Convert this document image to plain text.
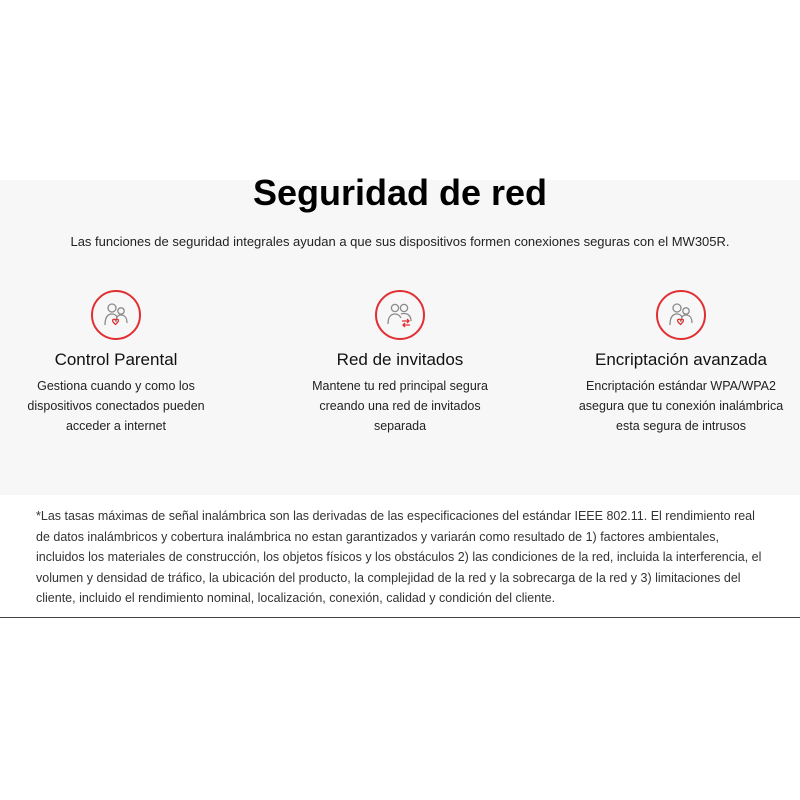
Seguridad de red
Las funciones de seguridad integrales ayudan a que sus dispositivos formen conexiones seguras con el MW305R.
Control Parental
Gestiona cuando y como los dispositivos conectados pueden acceder a internet
Red de invitados
Mantene tu red principal segura creando una red de invitados separada
Encriptación avanzada
Encriptación estándar WPA/WPA2 asegura que tu conexión inalámbrica esta segura de intrusos
*Las tasas máximas de señal inalámbrica son las derivadas de las especificaciones del estándar IEEE 802.11. El rendimiento real de datos inalámbricos y cobertura inalámbrica no estan garantizados y variarán como resultado de 1) factores ambientales, incluidos los materiales de construcción, los objetos físicos y los obstáculos 2) las condiciones de la red, incluida la interferencia, el volumen y densidad de tráfico, la ubicación del producto, la complejidad de la red y la sobrecarga de la red y 3) limitaciones del cliente, incluido el rendimiento nominal, localización, conexión, calidad y condición del cliente.
